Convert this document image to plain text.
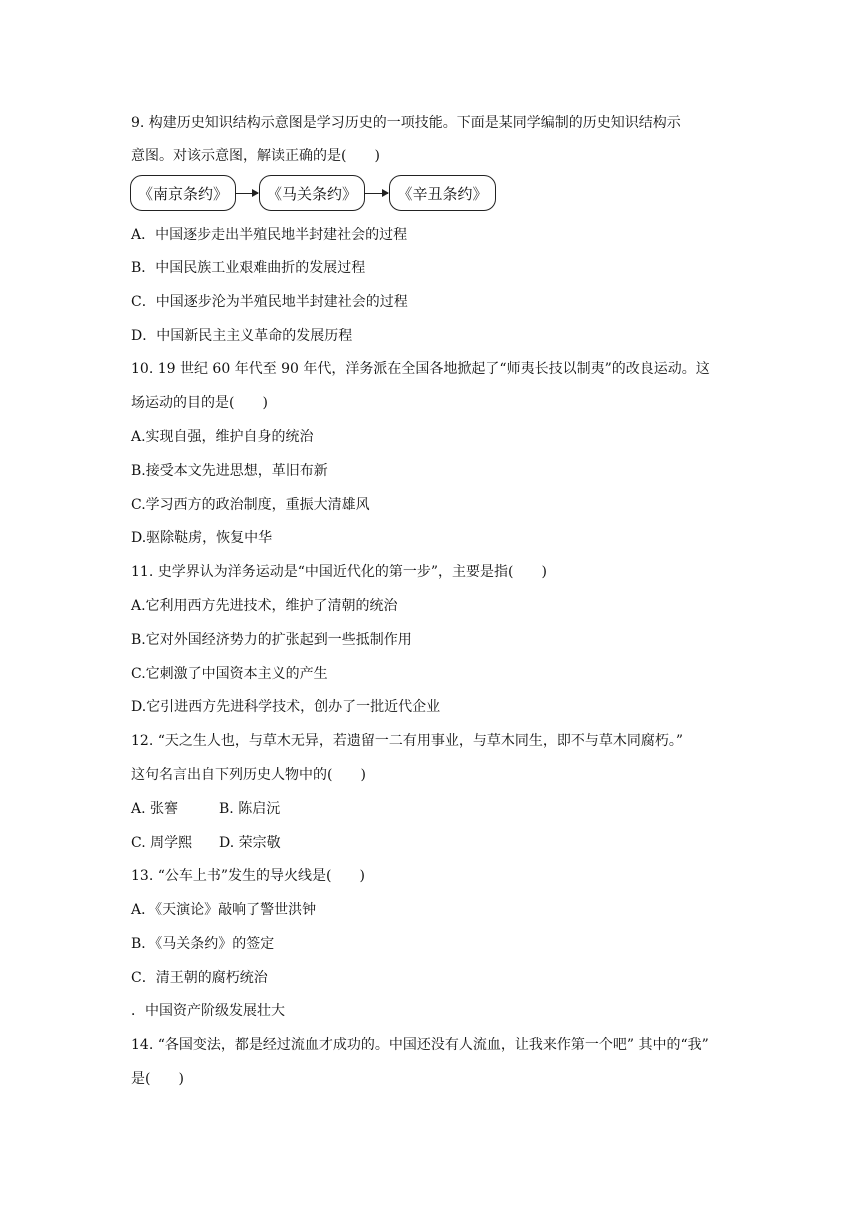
9. 构建历史知识结构示意图是学习历史的一项技能。下面是某同学编制的历史知识结构示
意图。对该示意图，解读正确的是(　　)
《南京条约》	《马关条约》	《辛丑条约》
A．中国逐步走出半殖民地半封建社会的过程
B．中国民族工业艰难曲折的发展过程
C．中国逐步沦为半殖民地半封建社会的过程
D．中国新民主主义革命的发展历程
10. 19 世纪 60 年代至 90 年代，洋务派在全国各地掀起了“师夷长技以制夷”的改良运动。这
场运动的目的是(　　)
A.实现自强，维护自身的统治
B.接受本文先进思想，革旧布新
C.学习西方的政治制度，重振大清雄风
D.驱除鞑虏，恢复中华
11. 史学界认为洋务运动是“中国近代化的第一步”，主要是指(　　)
A.它利用西方先进技术，维护了清朝的统治
B.它对外国经济势力的扩张起到一些抵制作用
C.它刺激了中国资本主义的产生
D.它引进西方先进科学技术，创办了一批近代企业
12. “天之生人也，与草木无异，若遗留一二有用事业，与草木同生，即不与草木同腐朽。”
这句名言出自下列历史人物中的(　　)
A. 张謇	B. 陈启沅
C. 周学熙 D. 荣宗敬
13. “公车上书”发生的导火线是(　　)
A．《天演论》敲响了警世洪钟
B．《马关条约》的签定
C．清王朝的腐朽统治
．中国资产阶级发展壮大
14. “各国变法，都是经过流血才成功的。中国还没有人流血，让我来作第一个吧” 其中的“我”
是(　　)
